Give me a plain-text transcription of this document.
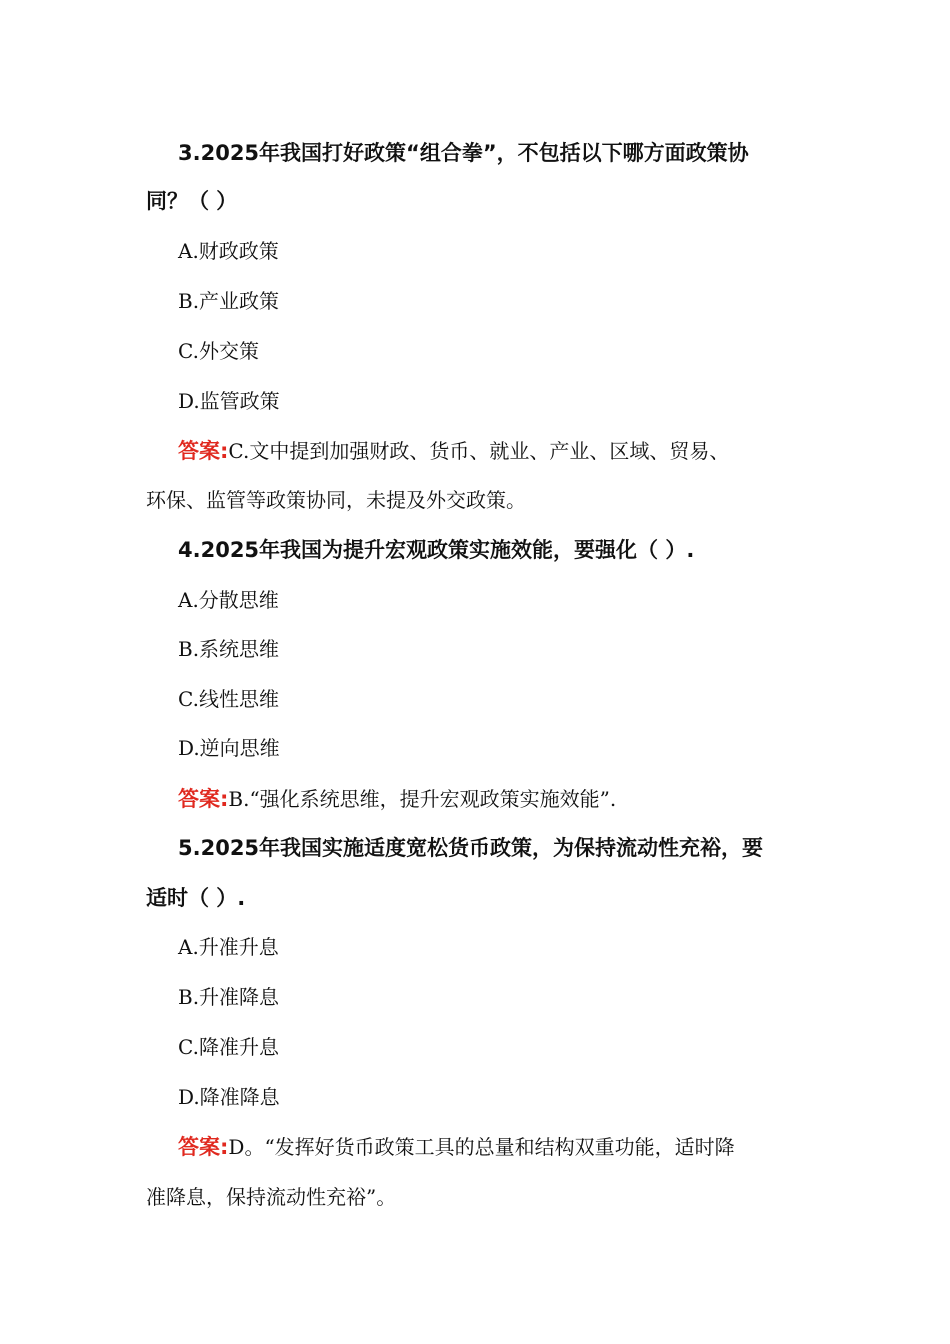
3.2025年我国打好政策“组合拳”，不包括以下哪方面政策协

同？（ ）

A.财政政策

B.产业政策

C.外交策

D.监管政策

答案:C.文中提到加强财政、货币、就业、产业、区域、贸易、

环保、监管等政策协同，未提及外交政策。

4.2025年我国为提升宏观政策实施效能，要强化（ ）.

A.分散思维

B.系统思维

C.线性思维

D.逆向思维

答案:B.“强化系统思维，提升宏观政策实施效能”.

5.2025年我国实施适度宽松货币政策，为保持流动性充裕，要

适时（ ）.

A.升准升息

B.升准降息

C.降准升息

D.降准降息

答案:D。“发挥好货币政策工具的总量和结构双重功能，适时降

准降息，保持流动性充裕”。
